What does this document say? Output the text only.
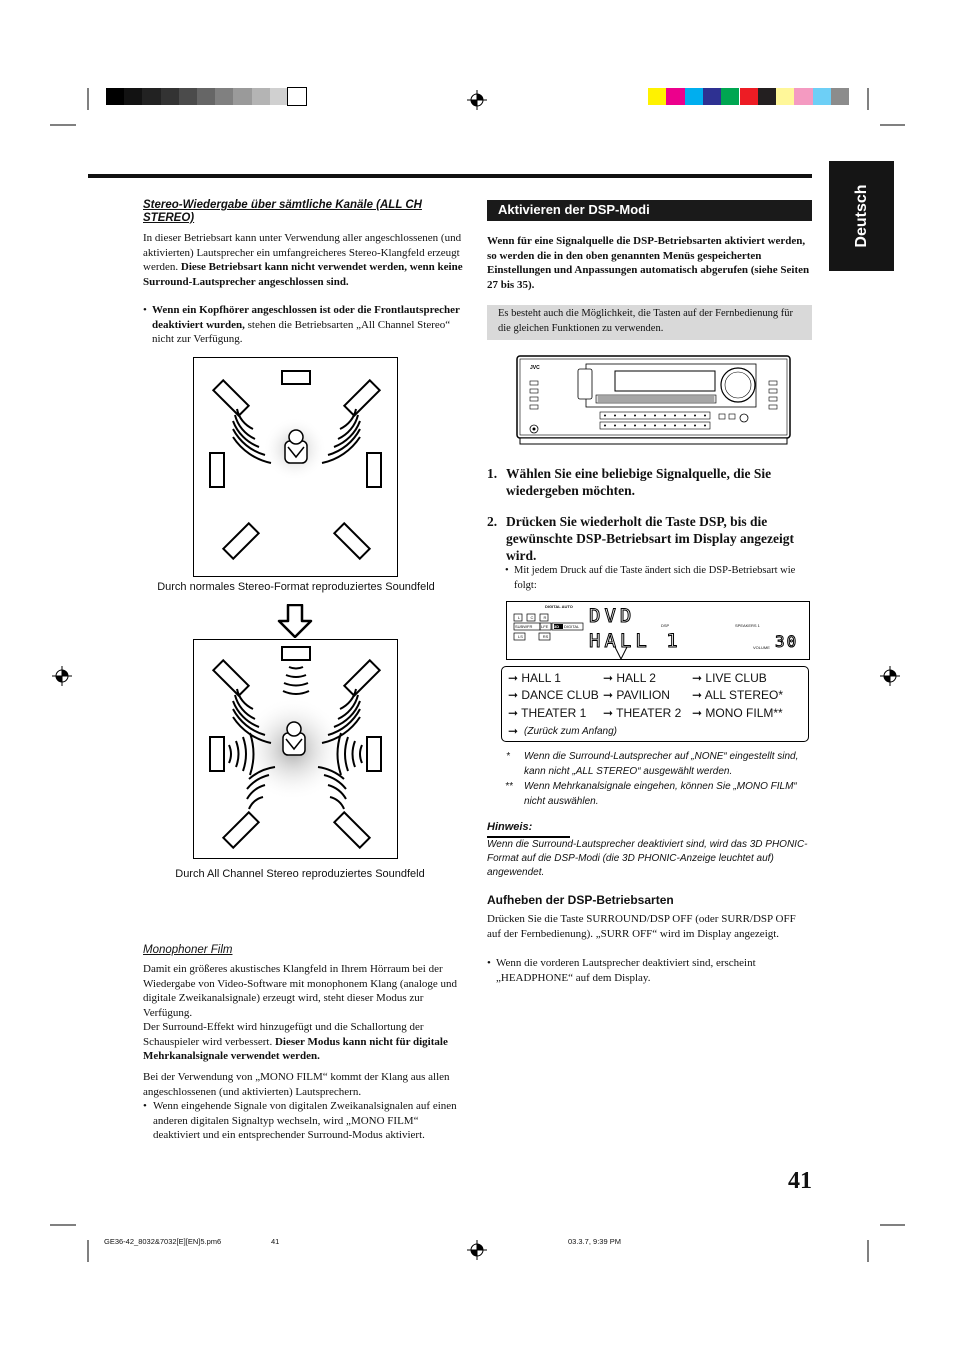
Deutsch
Stereo-Wiedergabe über sämtliche Kanäle (ALL CH STEREO)
In dieser Betriebsart kann unter Verwendung aller angeschlossenen (und aktivierten) Lautsprecher ein umfangreicheres Stereo-Klangfeld erzeugt werden. Diese Betriebsart kann nicht verwendet werden, wenn keine Surround-Lautsprecher angeschlossen sind.
• Wenn ein Kopfhörer angeschlossen ist oder die Frontlautsprecher deaktiviert wurden, stehen die Betriebsarten „All Channel Stereo“ nicht zur Verfügung.
Durch normales Stereo-Format reproduziertes Soundfeld
Durch All Channel Stereo reproduziertes Soundfeld
Monophoner Film
Damit ein größeres akustisches Klangfeld in Ihrem Hörraum bei der Wiedergabe von Video-Software mit monophonem Klang (analoge und digitale Zweikanalsignale) erzeugt wird, steht dieser Modus zur Verfügung.
Der Surround-Effekt wird hinzugefügt und die Schallortung der Schauspieler wird verbessert. Dieser Modus kann nicht für digitale Mehrkanalsignale verwendet werden.
Bei der Verwendung von „MONO FILM“ kommt der Klang aus allen angeschlossenen (und aktivierten) Lautsprechern.
• Wenn eingehende Signale von digitalen Zweikanalsignalen auf einen anderen digitalen Signaltyp wechseln, wird „MONO FILM“ deaktiviert und ein entsprechender Surround-Modus aktiviert.
Aktivieren der DSP-Modi
Wenn für eine Signalquelle die DSP-Betriebsarten aktiviert werden, so werden die in den oben genannten Menüs gespeicherten Einstellungen und Anpassungen automatisch abgerufen (siehe Seiten 27 bis 35).
Es besteht auch die Möglichkeit, die Tasten auf der Fernbedienung für die gleichen Funktionen zu verwenden.
JVC
1. Wählen Sie eine beliebige Signalquelle, die Sie wiedergeben möchten.
2. Drücken Sie wiederholt die Taste DSP, bis die gewünschte DSP-Betriebsart im Display angezeigt wird.
• Mit jedem Druck auf die Taste ändert sich die DSP-Betriebsart wie folgt:
DIGITAL AUTO
L	C	R
SUBWFR LFE 3D DIGITAL
LS	RS
DSP	SPEAKERS 1
VOLUME
DVD
HALL 1	30
➞ HALL 1	➞ HALL 2	➞ LIVE CLUB
➞ DANCE CLUB ➞ PAVILION ➞ ALL STEREO*
➞ THEATER 1 ➞ THEATER 2 ➞ MONO FILM**
➞ (Zurück zum Anfang)
* Wenn die Surround-Lautsprecher auf „NONE“ eingestellt sind, kann nicht „ALL STEREO“ ausgewählt werden.
** Wenn Mehrkanalsignale eingehen, können Sie „MONO FILM“ nicht auswählen.
Hinweis:
Wenn die Surround-Lautsprecher deaktiviert sind, wird das 3D PHONIC-Format auf die DSP-Modi (die 3D PHONIC-Anzeige leuchtet auf) angewendet.
Aufheben der DSP-Betriebsarten
Drücken Sie die Taste SURROUND/DSP OFF (oder SURR/DSP OFF auf der Fernbedienung). „SURR OFF“ wird im Display angezeigt.
• Wenn die vorderen Lautsprecher deaktiviert sind, erscheint „HEADPHONE“ auf dem Display.
41
GE36-42_8032&7032[E][EN]5.pm6	41	03.3.7, 9:39 PM
